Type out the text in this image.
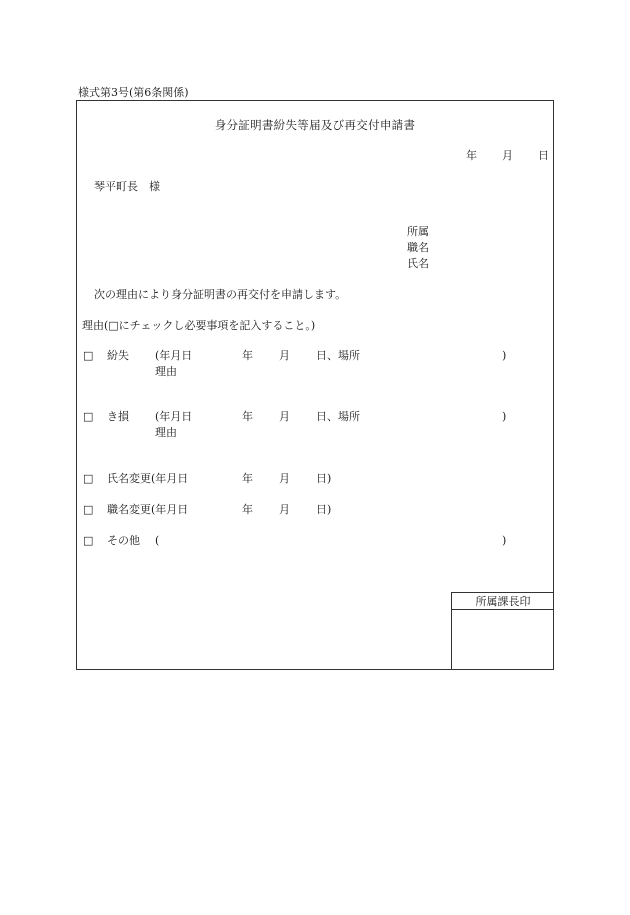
様式第3号(第6条関係)
身分証明書紛失等届及び再交付申請書
年 月 日
琴平町長　様
所属
職名
氏名
次の理由により身分証明書の再交付を申請します。
理由(□にチェックし必要事項を記入すること。)
□ 紛失 (年月日	年 月 日、場所	)
理由
□ き損 (年月日	年 月 日、場所	)
理由
□ 氏名変更(年月日	年 月 日)
□ 職名変更(年月日	年 月 日)
□ その他 (	)
所属課長印
